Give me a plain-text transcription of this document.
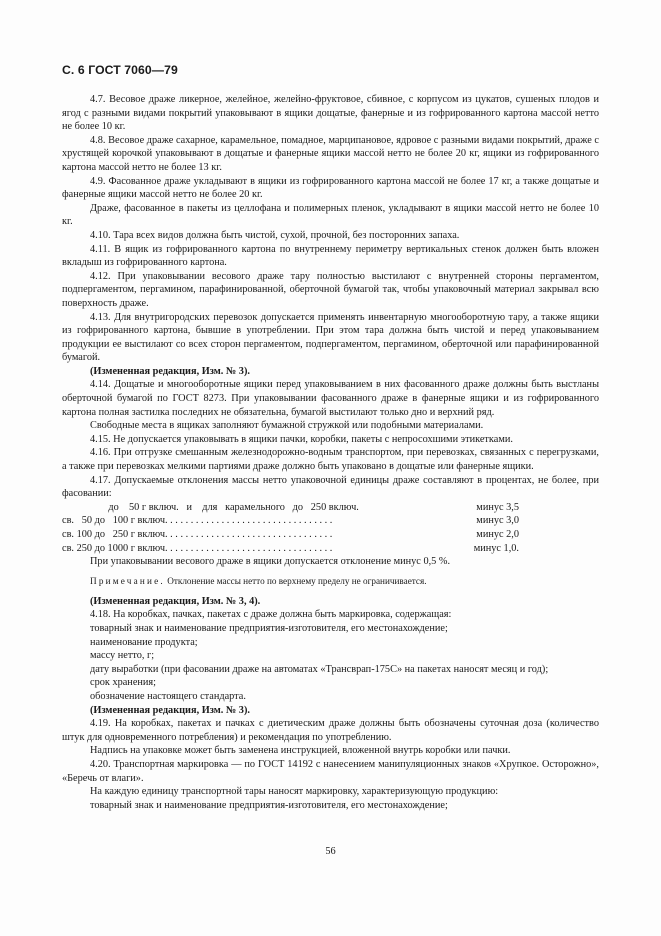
С. 6 ГОСТ 7060—79

4.7. Весовое драже ликерное, желейное, желейно-фруктовое, сбивное, с корпусом из цукатов, сушеных плодов и ягод с разными видами покрытий упаковывают в ящики дощатые, фанерные и из гофрированного картона массой нетто не более 10 кг.

4.8. Весовое драже сахарное, карамельное, помадное, марципановое, ядровое с разными видами покрытий, драже с хрустящей корочкой упаковывают в дощатые и фанерные ящики массой нетто не более 20 кг, ящики из гофрированного картона массой нетто не более 13 кг.

4.9. Фасованное драже укладывают в ящики из гофрированного картона массой не более 17 кг, а также дощатые и фанерные ящики массой нетто не более 20 кг.

Драже, фасованное в пакеты из целлофана и полимерных пленок, укладывают в ящики массой нетто не более 10 кг.

4.10. Тара всех видов должна быть чистой, сухой, прочной, без посторонних запаха.

4.11. В ящик из гофрированного картона по внутреннему периметру вертикальных стенок должен быть вложен вкладыш из гофрированного картона.

4.12. При упаковывании весового драже тару полностью выстилают с внутренней стороны пергаментом, подпергаментом, пергамином, парафинированной, оберточной бумагой так, чтобы упаковочный материал закрывал всю поверхность драже.

4.13. Для внутригородских перевозок допускается применять инвентарную многооборотную тару, а также ящики из гофрированного картона, бывшие в употреблении. При этом тара должна быть чистой и перед упаковыванием продукции ее выстилают со всех сторон пергаментом, подпергаментом, пергамином, оберточной или парафинированной бумагой.

(Измененная редакция, Изм. № 3).

4.14. Дощатые и многооборотные ящики перед упаковыванием в них фасованного драже должны быть выстланы оберточной бумагой по ГОСТ 8273. При упаковывании фасованного драже в фанерные ящики и из гофрированного картона полная застилка последних не обязательна, бумагой выстилают только дно и верхний ряд.

Свободные места в ящиках заполняют бумажной стружкой или подобными материалами.

4.15. Не допускается упаковывать в ящики пачки, коробки, пакеты с непросохшими этикетками.

4.16. При отгрузке смешанным железнодорожно-водным транспортом, при перевозках, связанных с перегрузками, а также при перевозках мелкими партиями драже должно быть упаковано в дощатые или фанерные ящики.

4.17. Допускаемые отклонения массы нетто упаковочной единицы драже составляют в процентах, не более, при фасовании:

до    50 г включ.   и    для   карамельного   до   250 включ.	минус 3,5
св.   50 до   100 г включ. . . . . . . . . . . . . . . . . . . . . . . . . . . . . . . . .	минус 3,0
св. 100 до   250 г включ. . . . . . . . . . . . . . . . . . . . . . . . . . . . . . . . .	минус 2,0
св. 250 до 1000 г включ. . . . . . . . . . . . . . . . . . . . . . . . . . . . . . . . .	минус 1,0.

При упаковывании весового драже в ящики допускается отклонение минус 0,5 %.

Примечание. Отклонение массы нетто по верхнему пределу не ограничивается.

(Измененная редакция, Изм. № 3, 4).

4.18. На коробках, пачках, пакетах с драже должна быть маркировка, содержащая:

товарный знак и наименование предприятия-изготовителя, его местонахождение;

наименование продукта;

массу нетто, г;

дату выработки (при фасовании драже на автоматах «Трансврап-175С» на пакетах наносят месяц и год);

срок хранения;

обозначение настоящего стандарта.

(Измененная редакция, Изм. № 3).

4.19. На коробках, пакетах и пачках с диетическим драже должны быть обозначены суточная доза (количество штук для одновременного потребления) и рекомендация по употреблению.

Надпись на упаковке может быть заменена инструкцией, вложенной внутрь коробки или пачки.

4.20. Транспортная маркировка — по ГОСТ 14192 с нанесением манипуляционных знаков «Хрупкое. Осторожно», «Беречь от влаги».

На каждую единицу транспортной тары наносят маркировку, характеризующую продукцию:

товарный знак и наименование предприятия-изготовителя, его местонахождение;

56
